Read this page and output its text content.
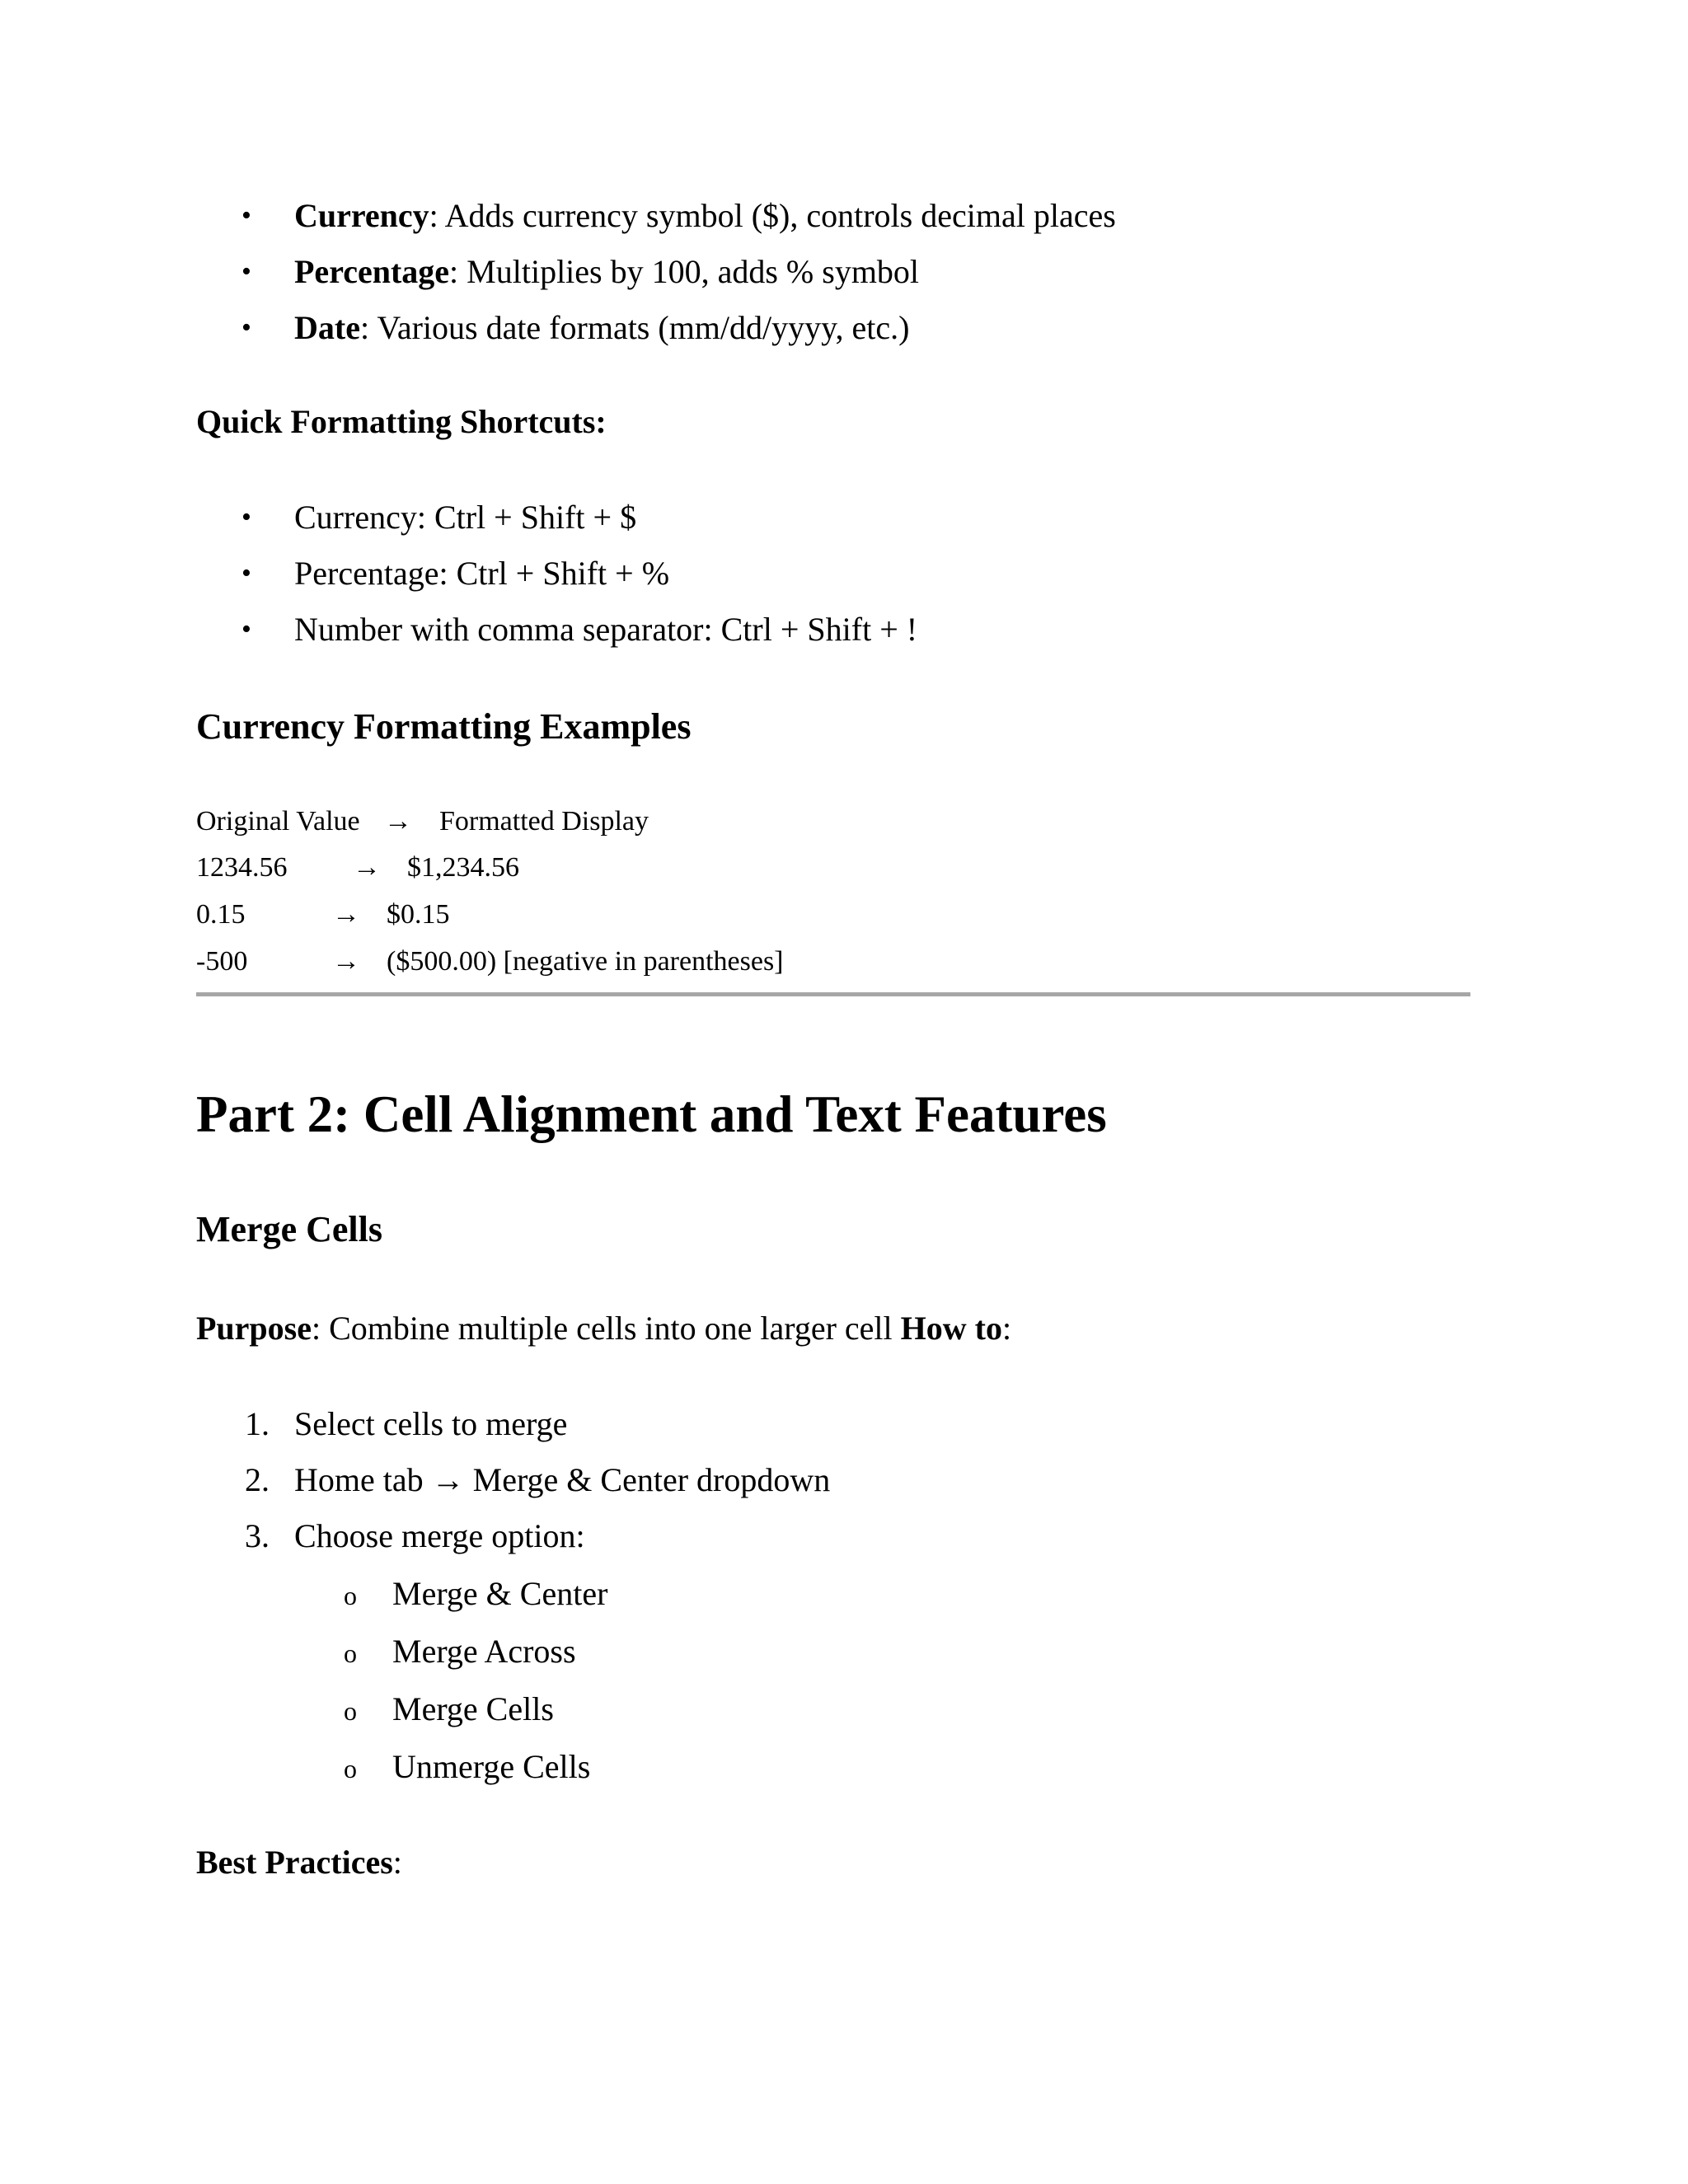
• Currency: Adds currency symbol ($), controls decimal places
• Percentage: Multiplies by 100, adds % symbol
• Date: Various date formats (mm/dd/yyyy, etc.)
Quick Formatting Shortcuts:
• Currency: Ctrl + Shift + $
• Percentage: Ctrl + Shift + %
• Number with comma separator: Ctrl + Shift + !
Currency Formatting Examples
Original Value → Formatted Display
1234.56 → $1,234.56
0.15	→ $0.15
-500	→ ($500.00) [negative in parentheses]
Part 2: Cell Alignment and Text Features
Merge Cells
Purpose: Combine multiple cells into one larger cell How to:
1. Select cells to merge
2. Home tab → Merge & Center dropdown
3. Choose merge option:
o Merge & Center
o Merge Across
o Merge Cells
o Unmerge Cells
Best Practices:
